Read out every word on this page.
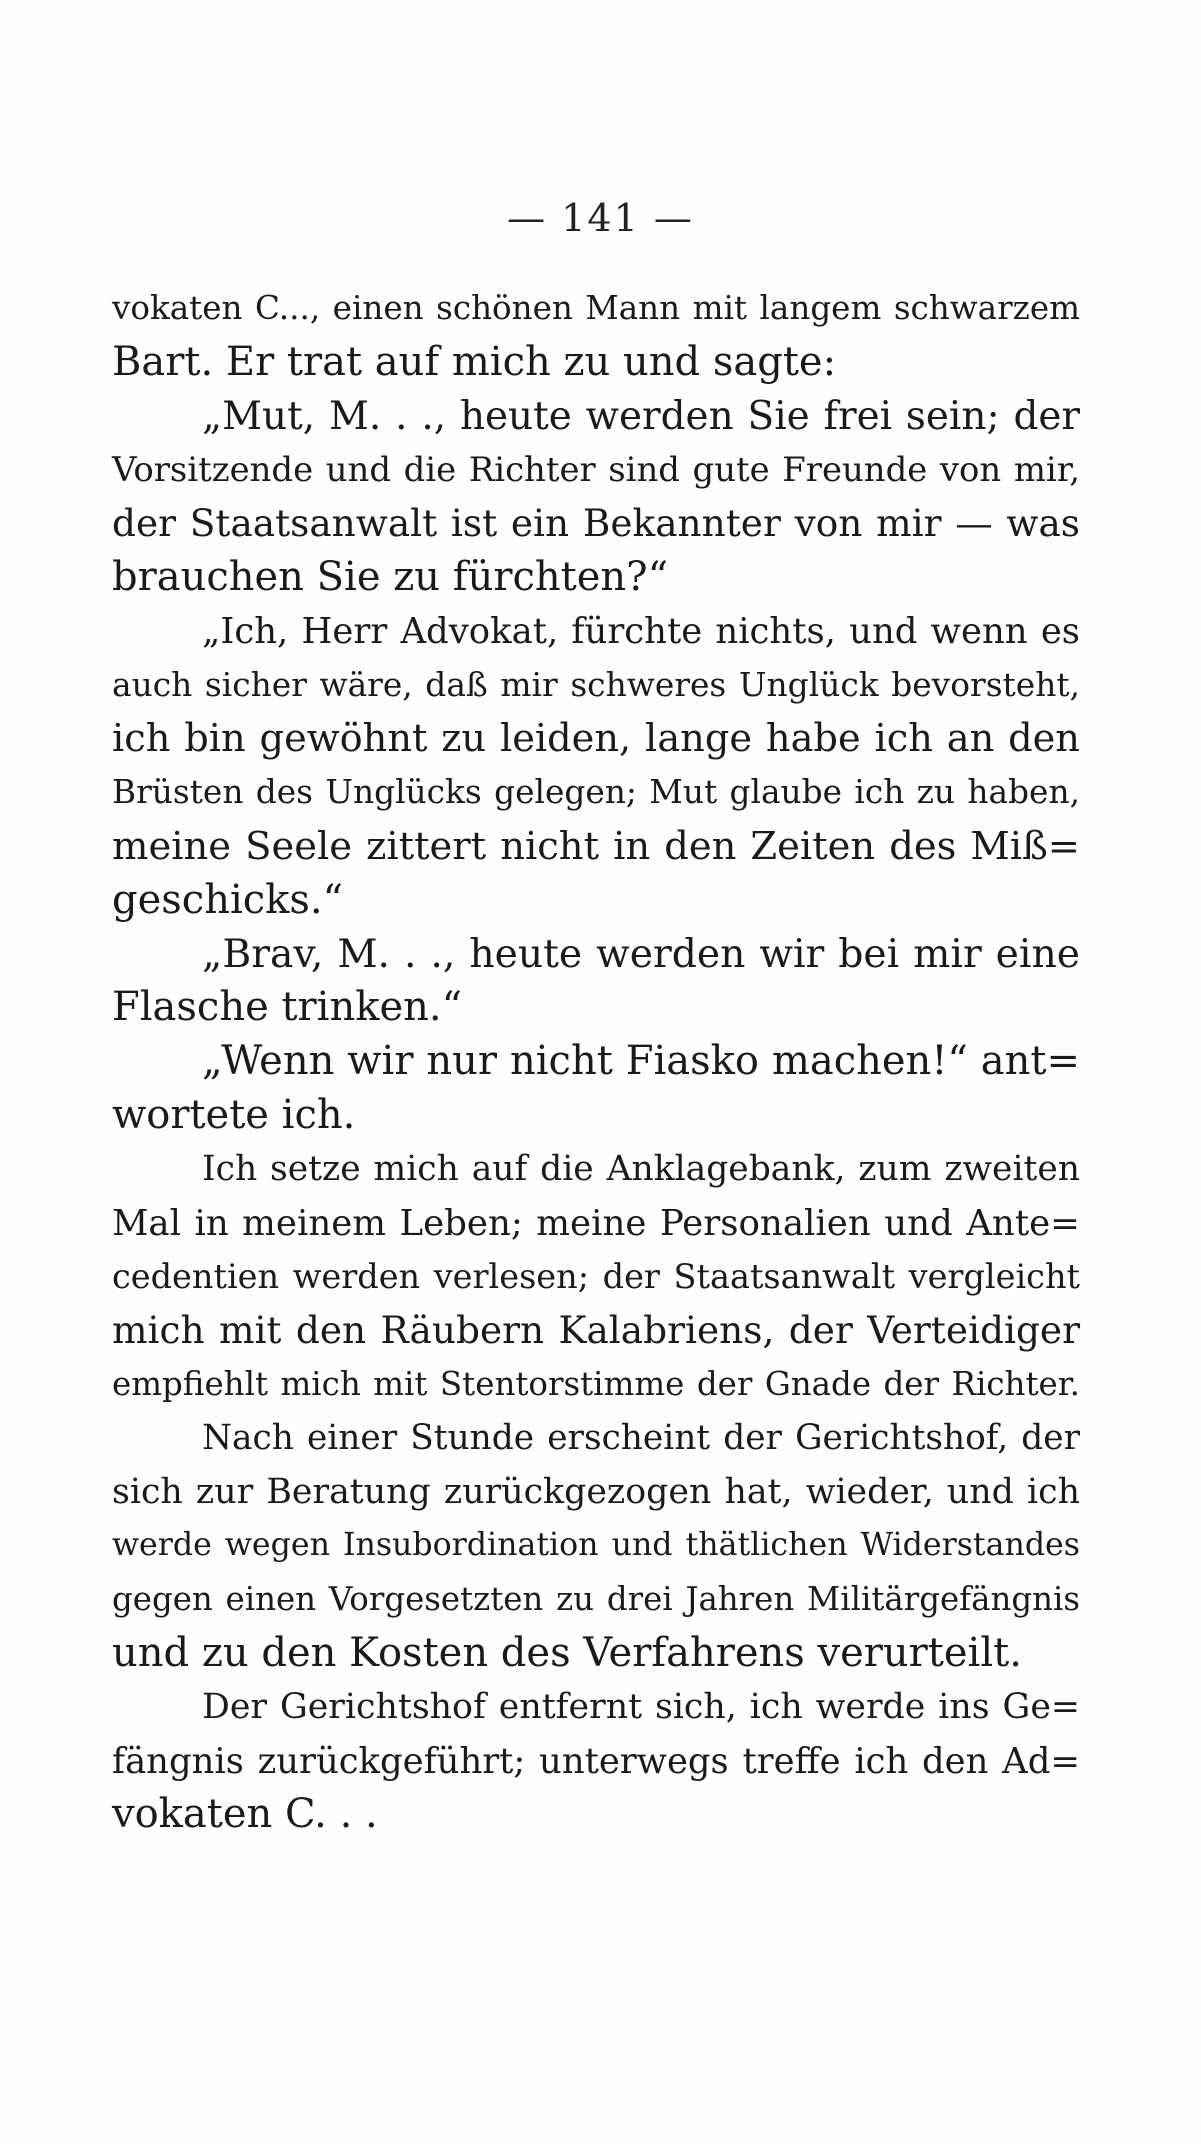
— 141 —
vokaten C..., einen schönen Mann mit langem schwarzem
Bart. Er trat auf mich zu und sagte:
„Mut, M. . ., heute werden Sie frei sein; der
Vorsitzende und die Richter sind gute Freunde von mir,
der Staatsanwalt ist ein Bekannter von mir — was
brauchen Sie zu fürchten?“
„Ich, Herr Advokat, fürchte nichts, und wenn es
auch sicher wäre, daß mir schweres Unglück bevorsteht,
ich bin gewöhnt zu leiden, lange habe ich an den
Brüsten des Unglücks gelegen; Mut glaube ich zu haben,
meine Seele zittert nicht in den Zeiten des Miß=
geschicks.“
„Brav, M. . ., heute werden wir bei mir eine
Flasche trinken.“
„Wenn wir nur nicht Fiasko machen!“ ant=
wortete ich.
Ich setze mich auf die Anklagebank, zum zweiten
Mal in meinem Leben; meine Personalien und Ante=
cedentien werden verlesen; der Staatsanwalt vergleicht
mich mit den Räubern Kalabriens, der Verteidiger
empfiehlt mich mit Stentorstimme der Gnade der Richter.
Nach einer Stunde erscheint der Gerichtshof, der
sich zur Beratung zurückgezogen hat, wieder, und ich
werde wegen Insubordination und thätlichen Widerstandes
gegen einen Vorgesetzten zu drei Jahren Militärgefängnis
und zu den Kosten des Verfahrens verurteilt.
Der Gerichtshof entfernt sich, ich werde ins Ge=
fängnis zurückgeführt; unterwegs treffe ich den Ad=
vokaten C. . .
